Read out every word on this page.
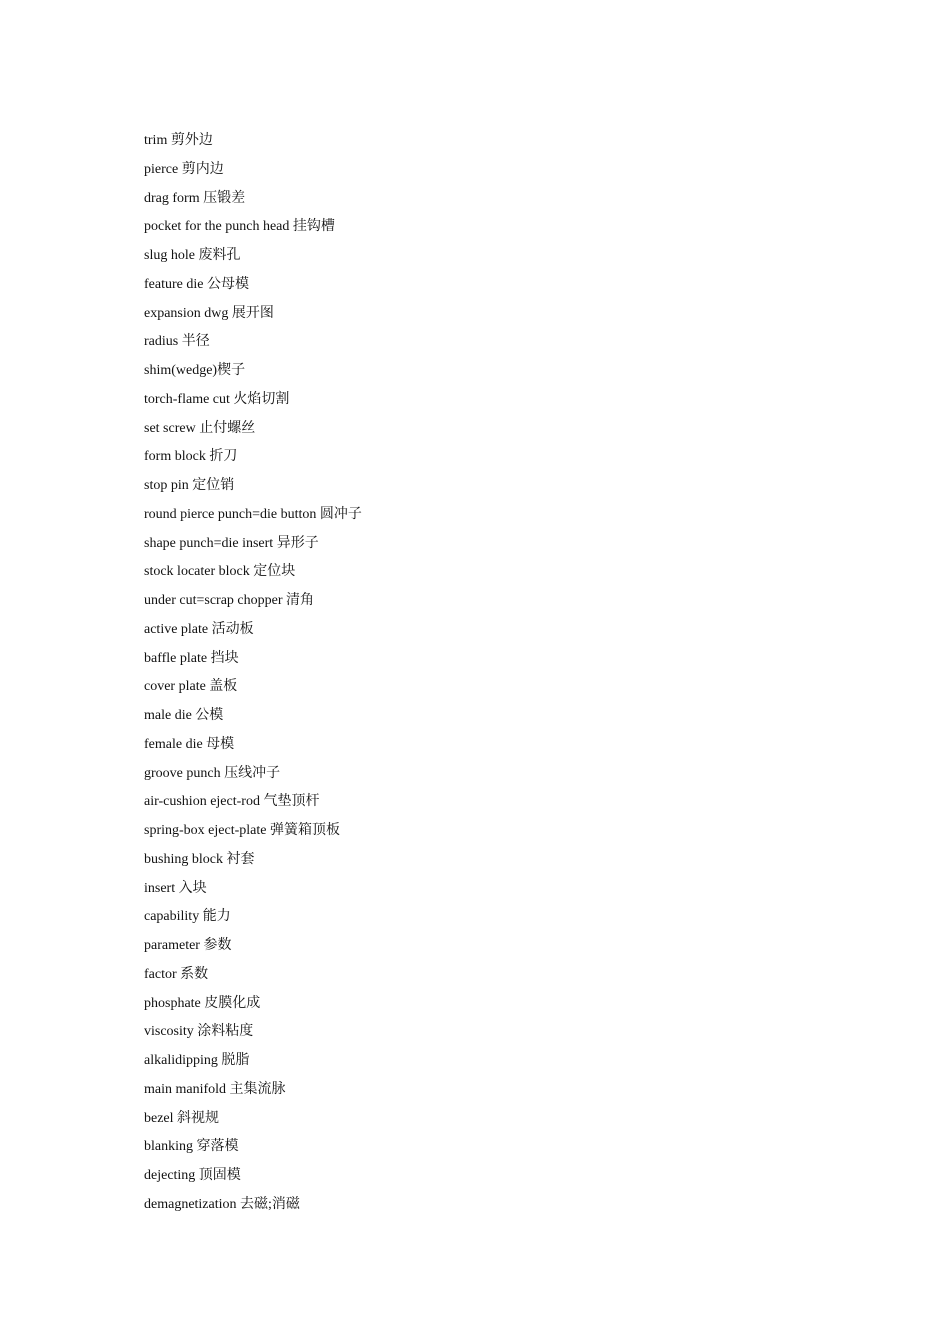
trim 剪外边
pierce 剪内边
drag form 压锻差
pocket for the punch head 挂钩槽
slug hole 废料孔
feature die 公母模
expansion dwg 展开图
radius 半径
shim(wedge)楔子
torch-flame cut 火焰切割
set screw 止付螺丝
form block 折刀
stop pin 定位销
round pierce punch=die button 圆冲子
shape punch=die insert 异形子
stock locater block 定位块
under cut=scrap chopper 清角
active plate 活动板
baffle plate 挡块
cover plate 盖板
male die 公模
female die 母模
groove punch 压线冲子
air-cushion eject-rod 气垫顶杆
spring-box eject-plate 弹簧箱顶板
bushing block 衬套
insert 入块
capability 能力
parameter 参数
factor 系数
phosphate 皮膜化成
viscosity 涂料粘度
alkalidipping 脱脂
main manifold 主集流脉
bezel 斜视规
blanking 穿落模
dejecting 顶固模
demagnetization 去磁;消磁
